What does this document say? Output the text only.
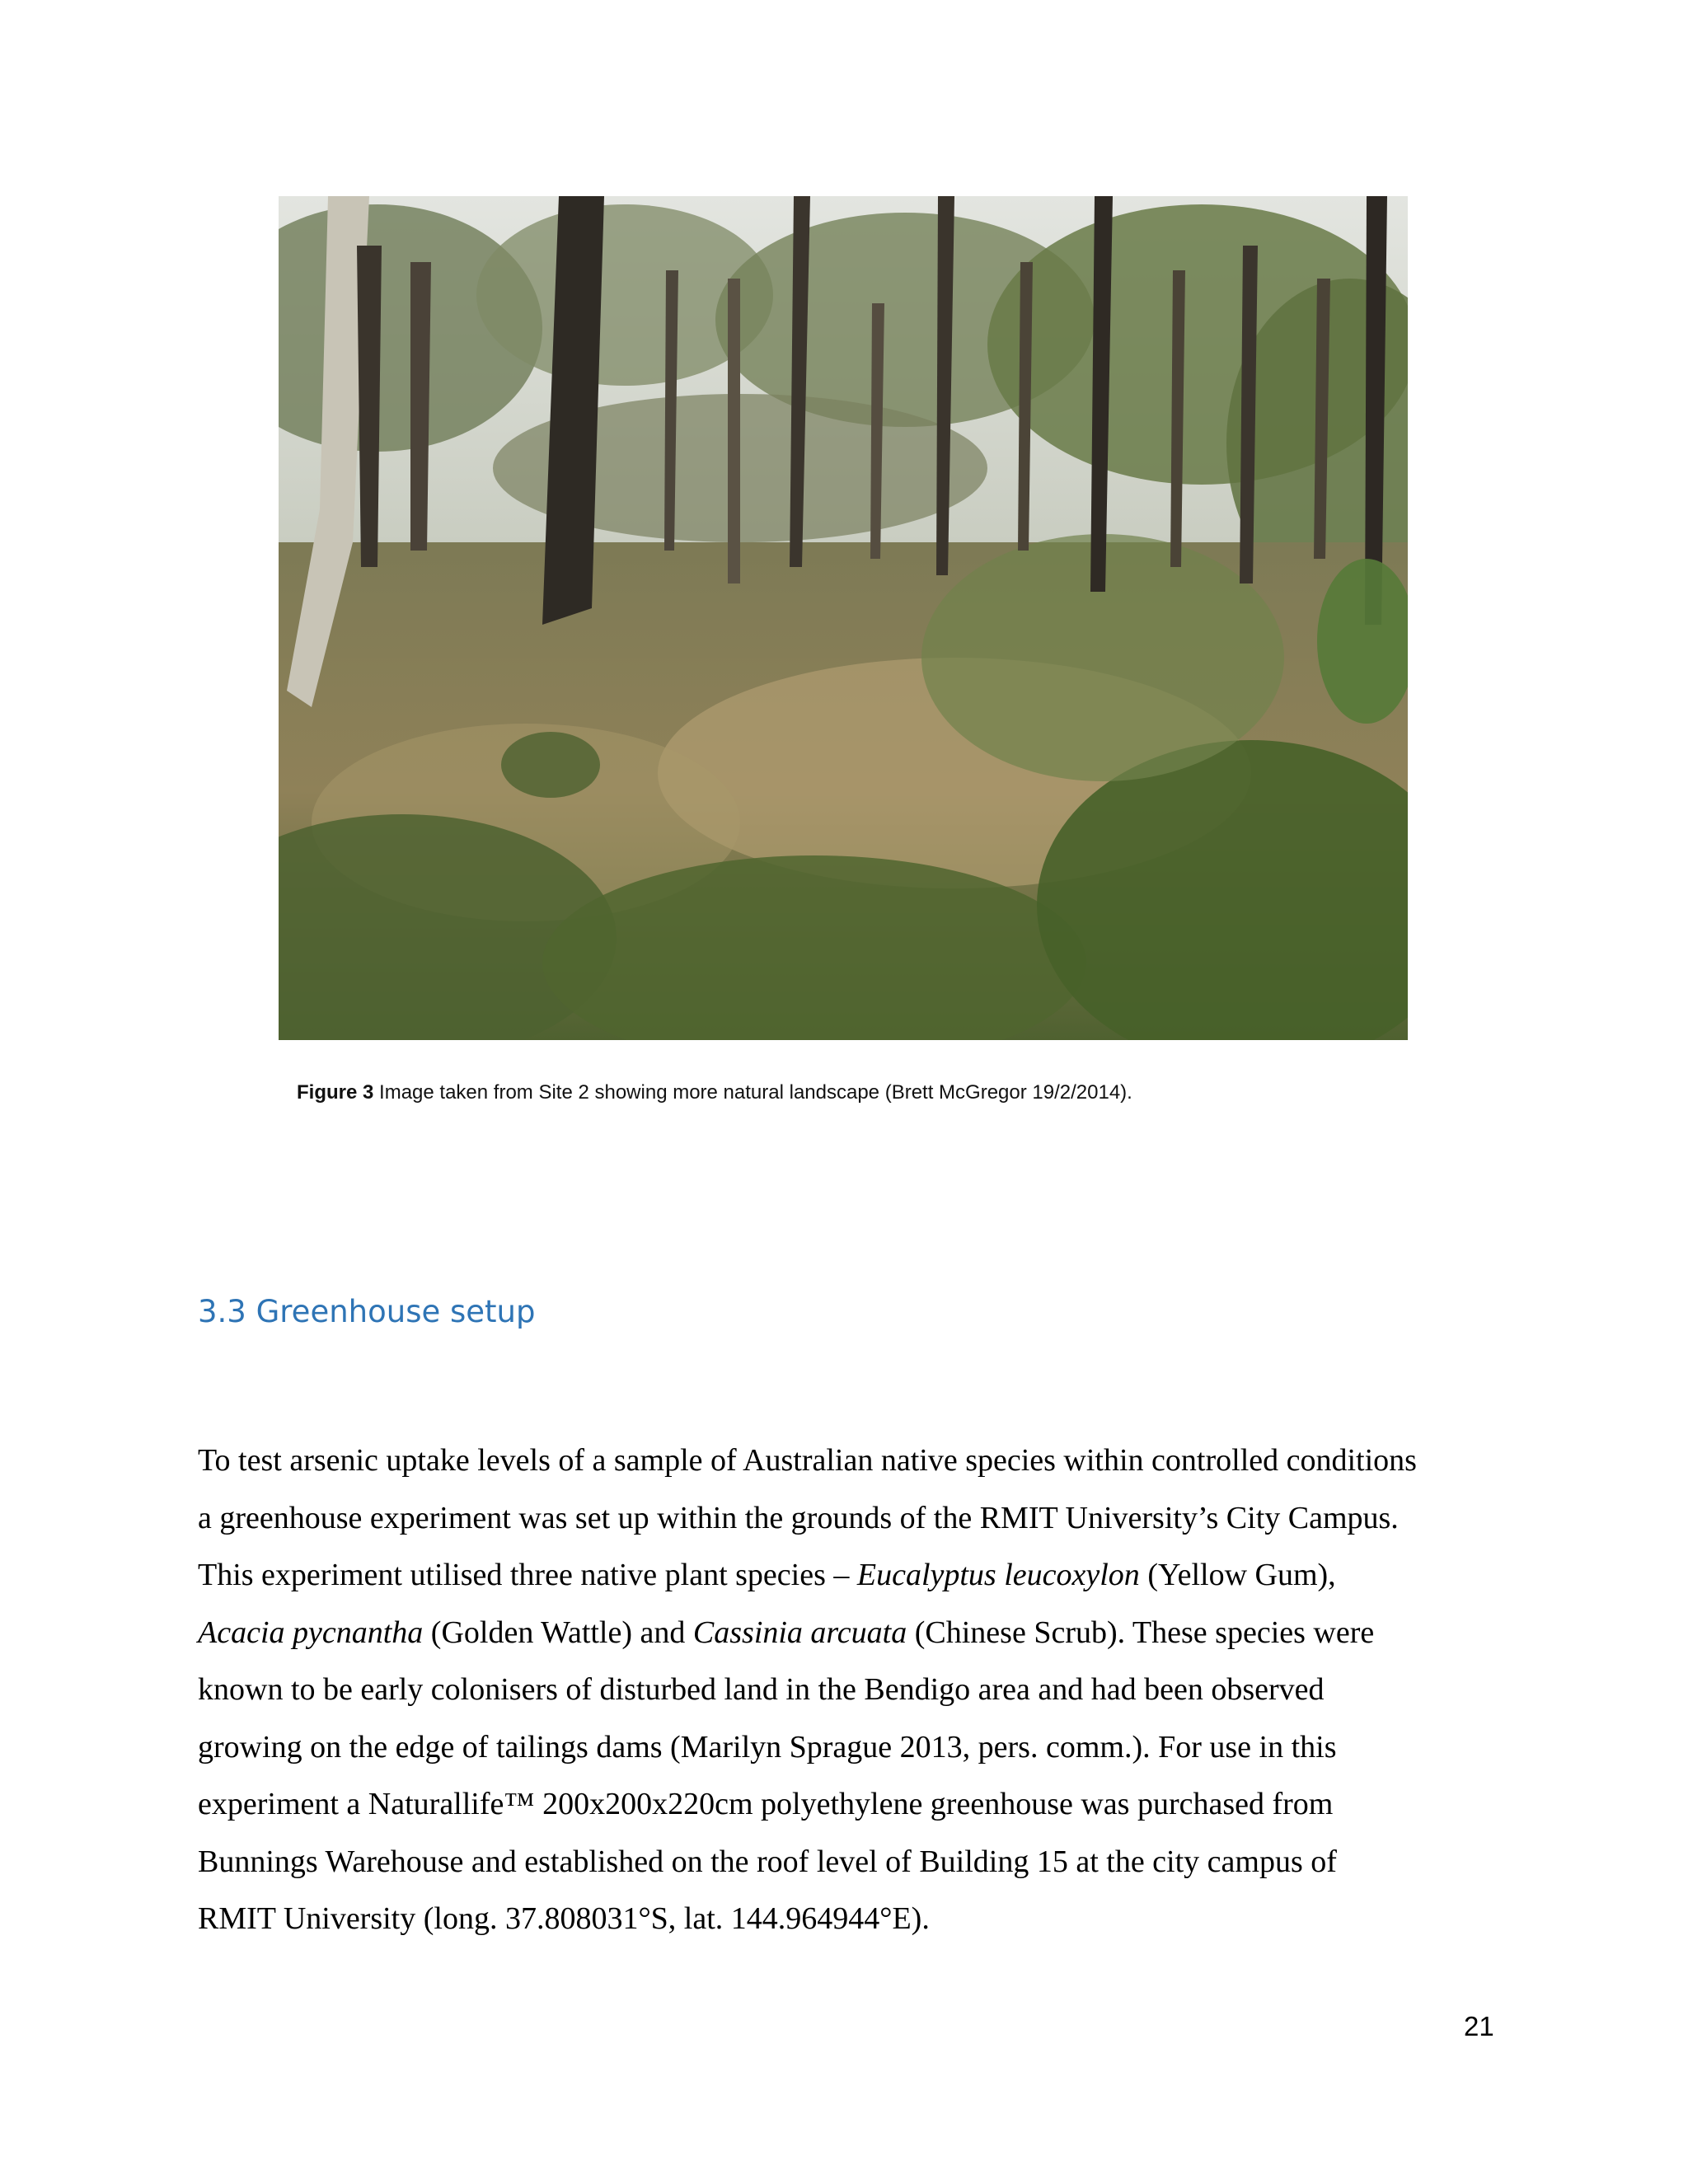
Figure 3 Image taken from Site 2 showing more natural landscape (Brett McGregor 19/2/2014).
3.3 Greenhouse setup

To test arsenic uptake levels of a sample of Australian native species within controlled conditions
a greenhouse experiment was set up within the grounds of the RMIT University’s City Campus.
This experiment utilised three native plant species – Eucalyptus leucoxylon (Yellow Gum),
Acacia pycnantha (Golden Wattle) and Cassinia arcuata (Chinese Scrub). These species were
known to be early colonisers of disturbed land in the Bendigo area and had been observed
growing on the edge of tailings dams (Marilyn Sprague 2013, pers. comm.). For use in this
experiment a Naturallife™ 200x200x220cm polyethylene greenhouse was purchased from
Bunnings Warehouse and established on the roof level of Building 15 at the city campus of
RMIT University (long. 37.808031°S, lat. 144.964944°E).

21
